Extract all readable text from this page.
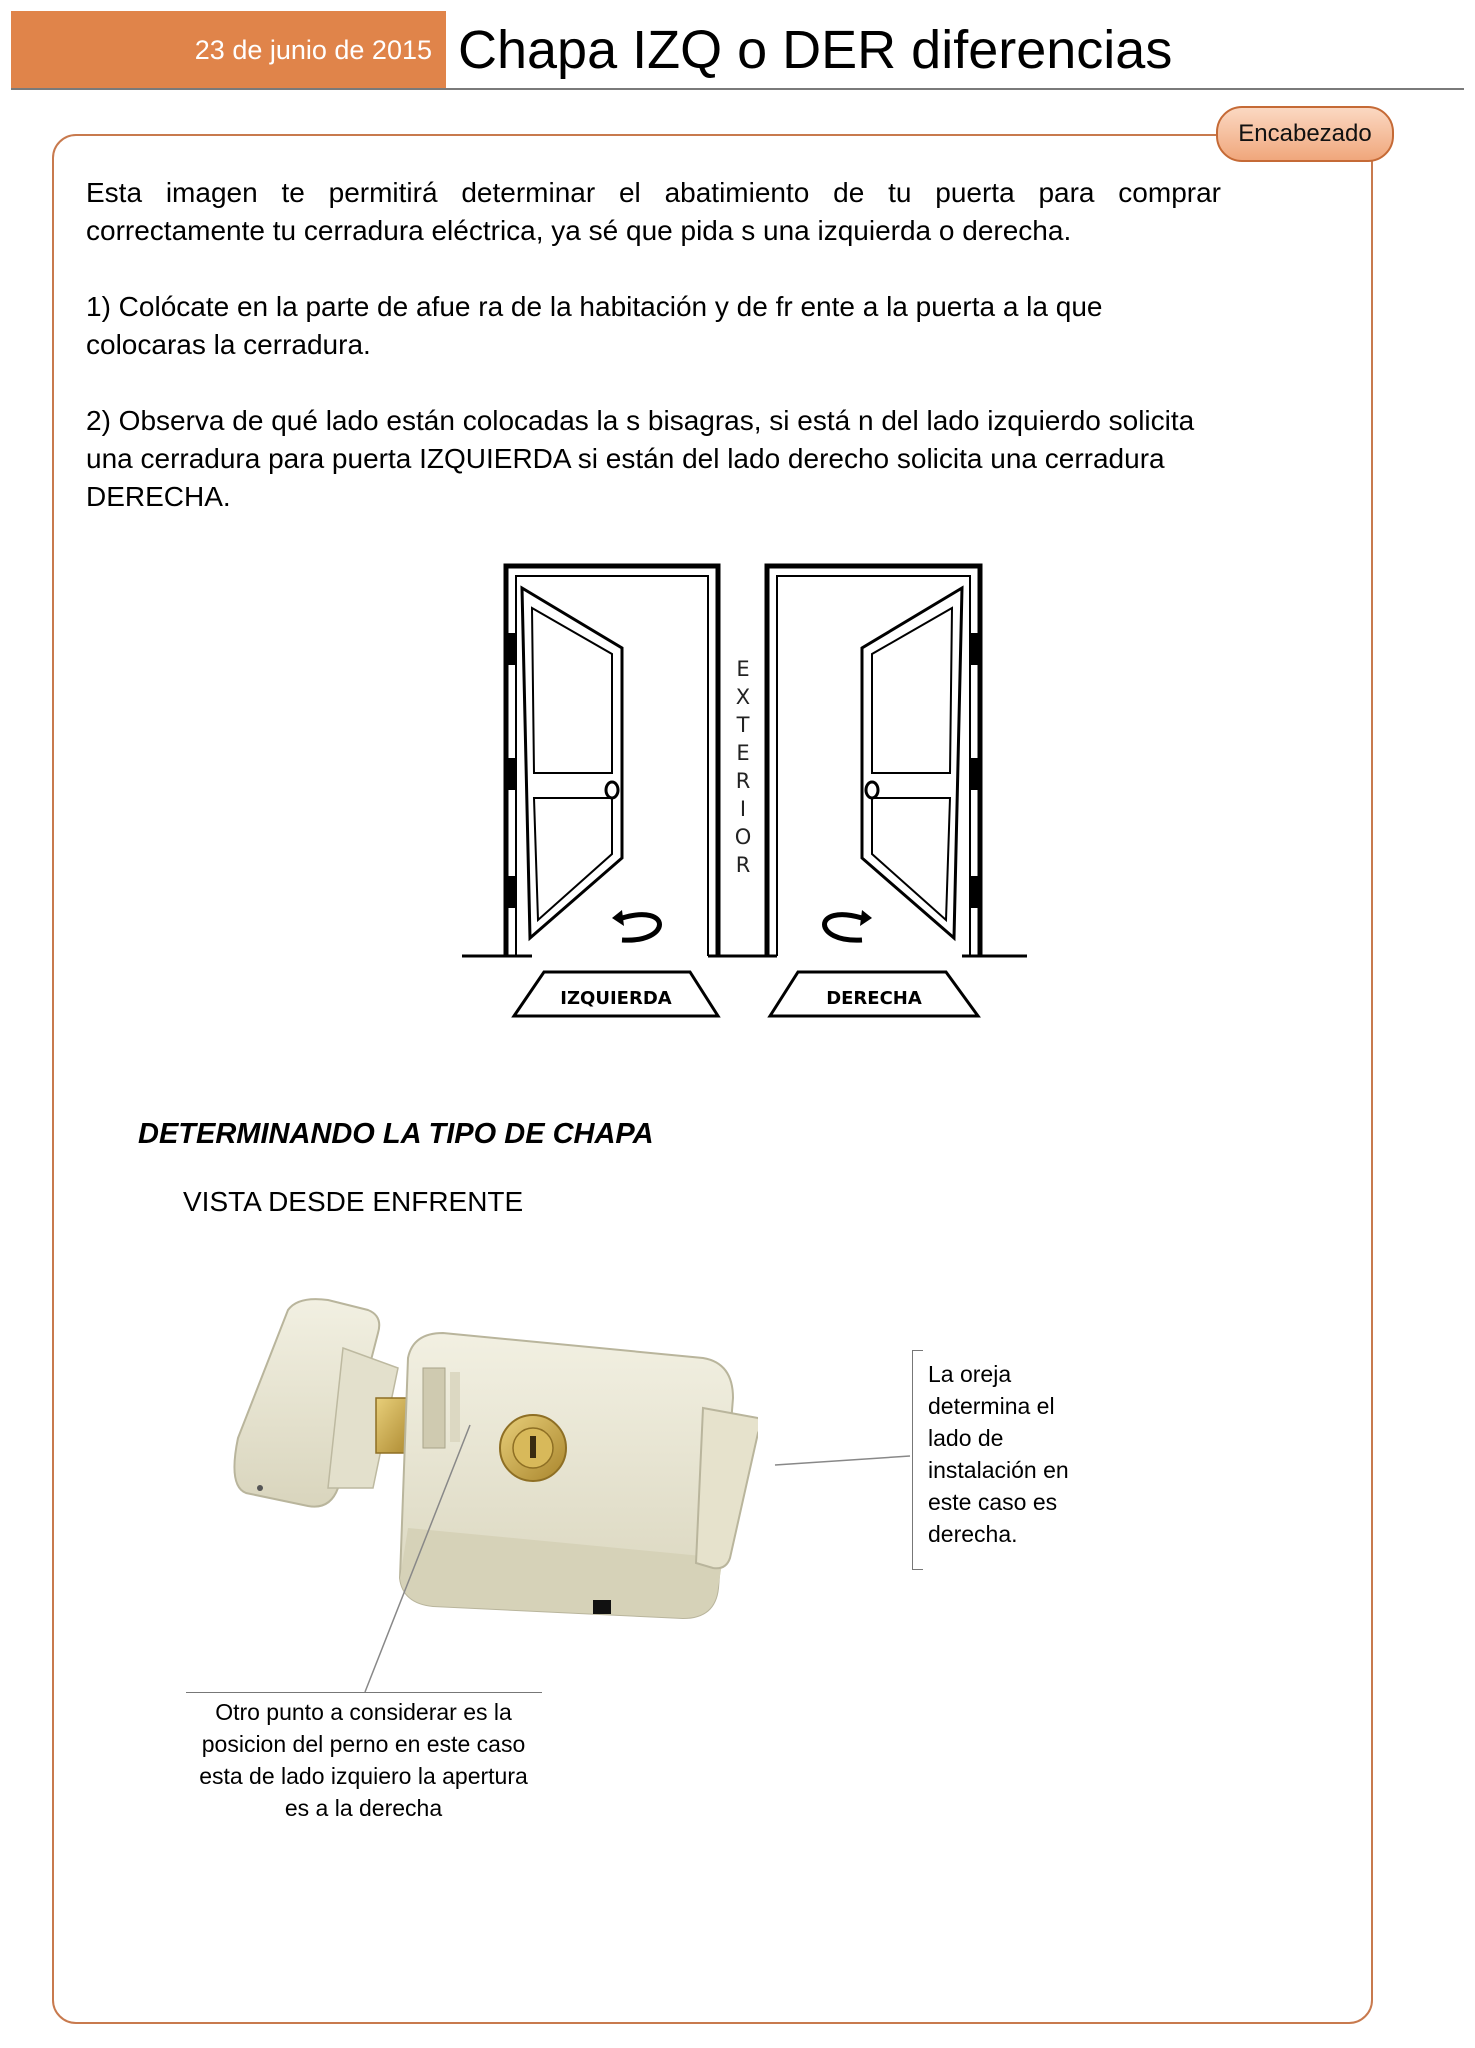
23 de junio de 2015 Chapa IZQ o DER diferencias
Encabezado
Esta imagen te permitirá determinar el abatimiento de tu puerta para comprar correctamente tu cerradura eléctrica, ya sé que pida s una izquierda o derecha.
1) Colócate en la parte de afue ra de la habitación y de fr ente a la puerta a la que colocaras la cerradura.
2) Observa de qué lado están colocadas la s bisagras, si está n del lado izquierdo solicita una cerradura para puerta IZQUIERDA si están del lado derecho solicita una cerradura DERECHA.
E
X
T
E
R
I
O
R
IZQUIERDA	DERECHA
DETERMINANDO LA TIPO DE CHAPA
VISTA DESDE ENFRENTE
La oreja determina el lado de instalación en este caso es derecha.
Otro punto a considerar es la posicion del perno en este caso esta de lado izquiero la apertura es a la derecha
